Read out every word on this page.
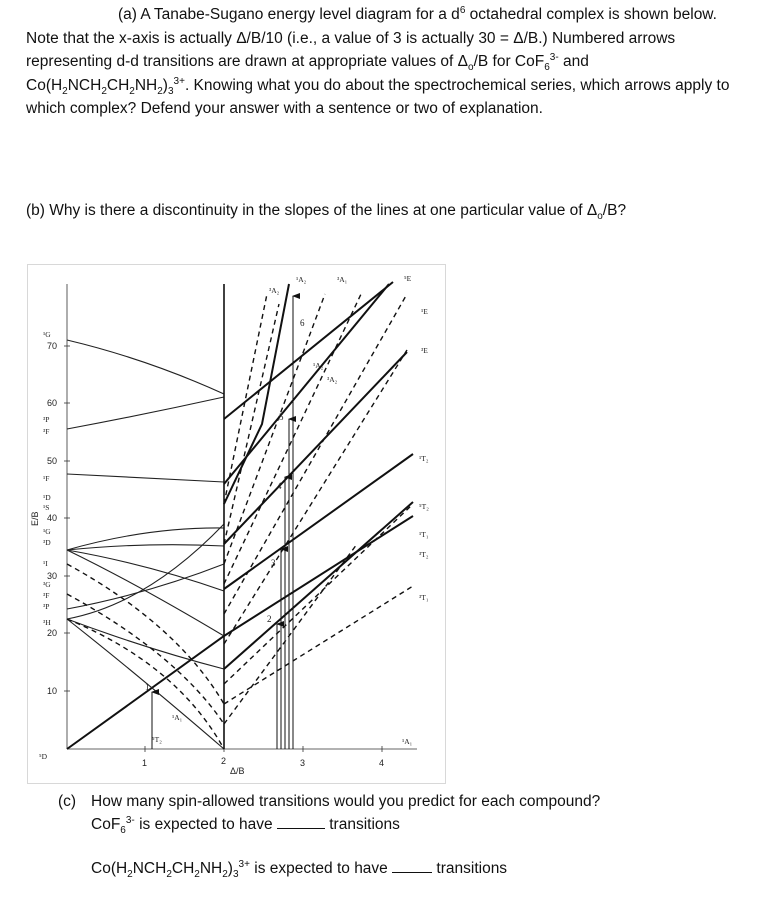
(a) A Tanabe-Sugano energy level diagram for a $d^6$ octahedral complex is shown below. Note that the x-axis is actually Δ/B/10 (i.e., a value of 3 is actually 30 = Δ/B.) Numbered arrows representing d-d transitions are drawn at appropriate values of $\Delta_o/B$ for CoF$_6^{3-}$ and $Co(H_2NCH_2CH_2NH_2)_3^{3+}$. Knowing what you do about the spectrochemical series, which arrows apply to which complex? Defend your answer with a sentence or two of explanation.
(b) Why is there a discontinuity in the slopes of the lines at one particular value of $\Delta_o/B$?
10
20
30
40
50
60
70
1	2	3	4
Δ/B
E/B
¹G
³P
³F
¹F
¹D
¹S
¹G
³D
¹I
³G
³F
³P
³H
⁵D
⁵E
¹E
³E
¹T₂
⁵T₂
¹T₁
³T₂
³T₁
¹A₁
³A₂
¹A₂	³A₁
¹A₂
³A₂
¹A₁
⁵T₂
1
2
3
4
5
6
(c) How many spin-allowed transitions would you predict for each compound?
CoF$_6^{3-}$ is expected to have	transitions
$Co(H_2NCH_2CH_2NH_2)_3^{3+}$ is expected to have	transitions
